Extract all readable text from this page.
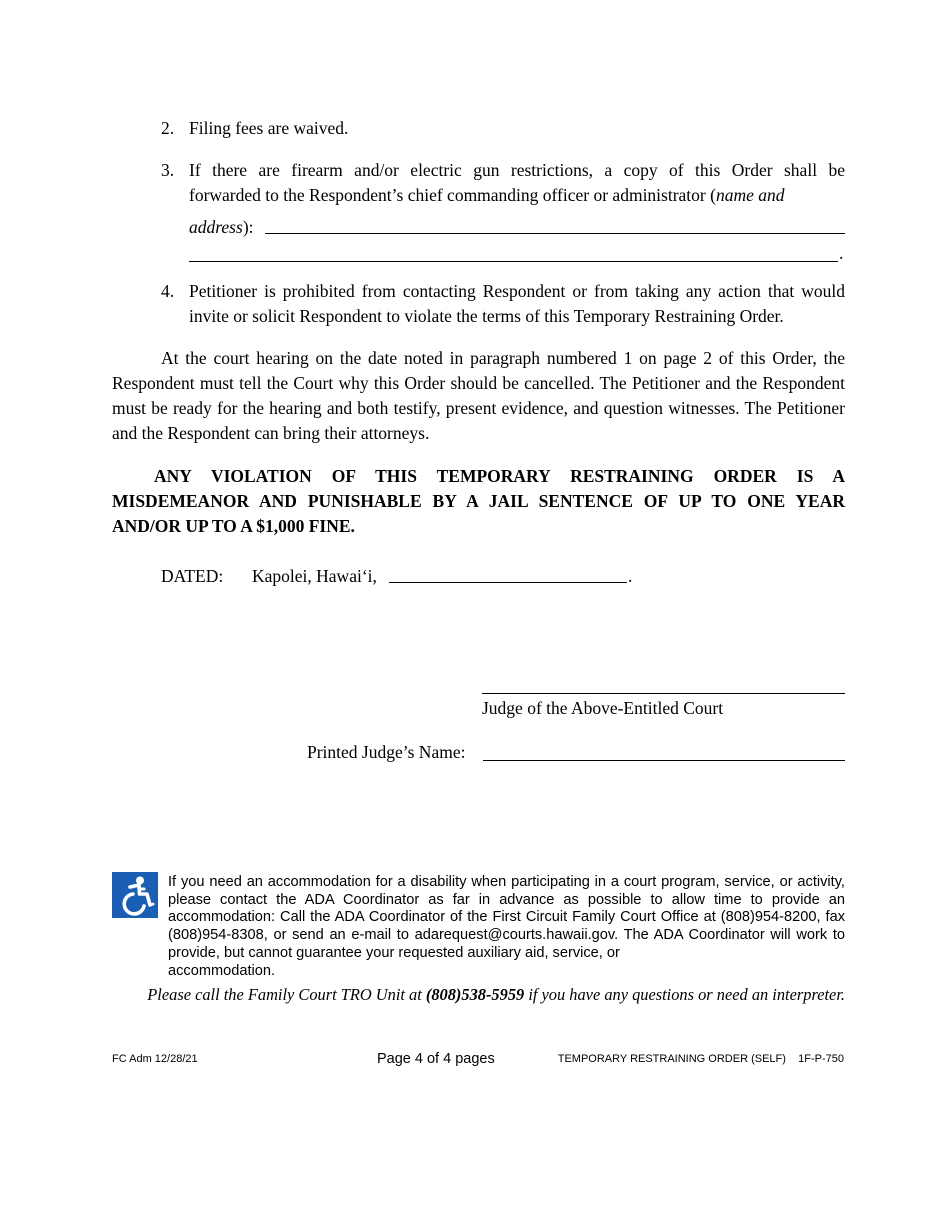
2. Filing fees are waived.
3. If there are firearm and/or electric gun restrictions, a copy of this Order shall be
forwarded to the Respondent’s chief commanding officer or administrator (name and
address):
.
4. Petitioner is prohibited from contacting Respondent or from taking any action that would
invite or solicit Respondent to violate the terms of this Temporary Restraining Order.
At the court hearing on the date noted in paragraph numbered 1 on page 2 of this Order, the Respondent must tell the Court why this Order should be cancelled. The Petitioner and the Respondent must be ready for the hearing and both testify, present evidence, and question witnesses. The Petitioner and the Respondent can bring their attorneys.
ANY VIOLATION OF THIS TEMPORARY RESTRAINING ORDER IS A MISDEMEANOR AND PUNISHABLE BY A JAIL SENTENCE OF UP TO ONE YEAR AND/OR UP TO A $1,000 FINE.
DATED: Kapolei, Hawai‘i,	.
Judge of the Above-Entitled Court
Printed Judge’s Name:
If you need an accommodation for a disability when participating in a court program, service, or activity, please contact the ADA Coordinator as far in advance as possible to allow time to provide an accommodation: Call the ADA Coordinator of the First Circuit Family Court Office at (808)954-8200, fax (808)954-8308, or send an e-mail to adarequest@courts.hawaii.gov. The ADA Coordinator will work to provide, but cannot guarantee your requested auxiliary aid, service, or
accommodation.
Please call the Family Court TRO Unit at (808)538-5959 if you have any questions or need an interpreter.
FC Adm 12/28/21	Page 4 of 4 pages	TEMPORARY RESTRAINING ORDER (SELF)    1F-P-750
